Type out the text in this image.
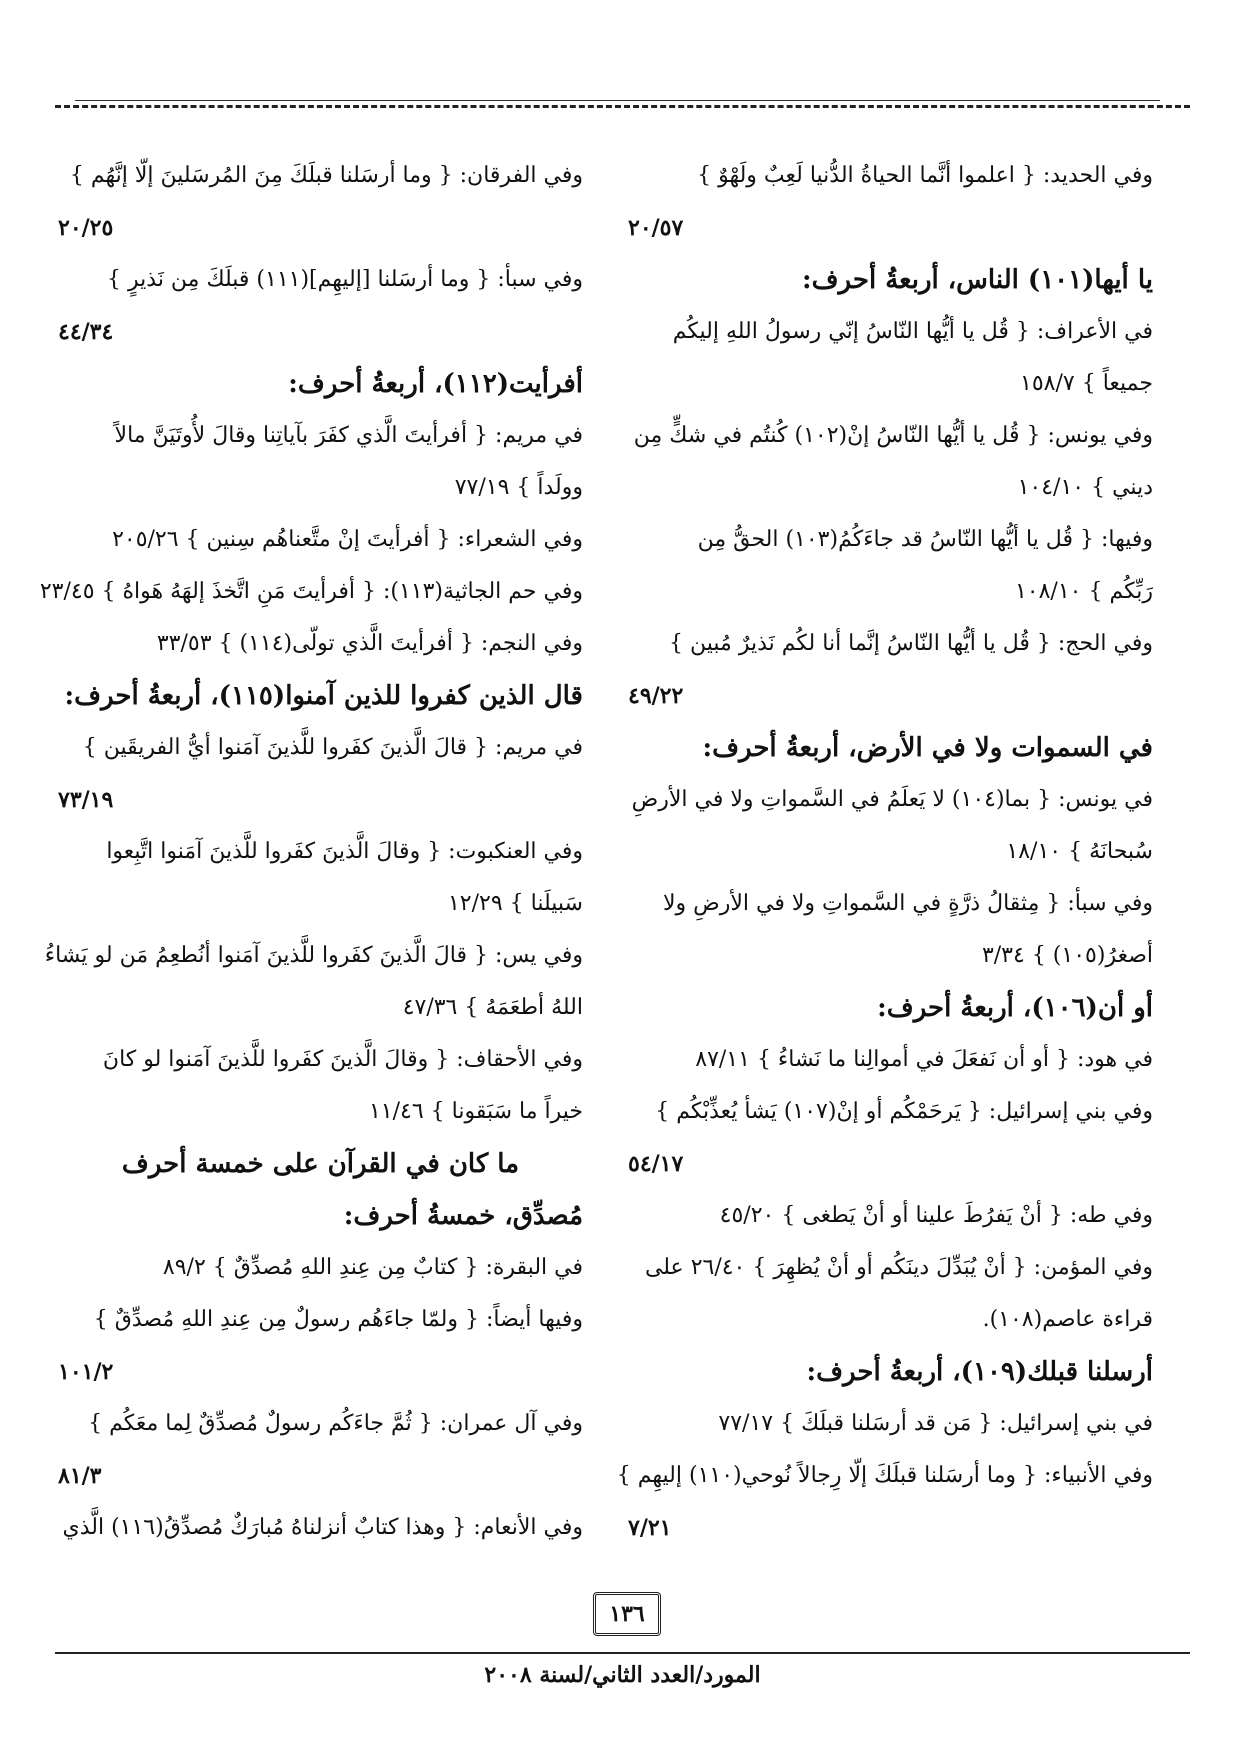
وفي الحديد: { اعلموا أنَّما الحياةُ الدُّنيا لَعِبٌ ولَهْوٌ }
٢٠/٥٧
يا أيها(١٠١) الناس، أربعةُ أحرف:
في الأعراف: { قُل يا أيُّها النّاسُ إنّي رسولُ اللهِ إليكُم
جميعاً } ١٥٨/٧
وفي يونس: { قُل يا أيُّها النّاسُ إنْ(١٠٢) كُنتُم في شكٍّ مِن
ديني } ١٠٤/١٠
وفيها: { قُل يا أيُّها النّاسُ قد جاءَكُمُ(١٠٣) الحقُّ مِن
رَبِّكُم } ١٠٨/١٠
وفي الحج: { قُل يا أيُّها النّاسُ إنَّما أنا لكُم نَذيرٌ مُبين }
٤٩/٢٢
في السموات ولا في الأرض، أربعةُ أحرف:
في يونس: { بما(١٠٤) لا يَعلَمُ في السَّمواتِ ولا في الأرضِ
سُبحانَهُ } ١٨/١٠
وفي سبأ: { مِثقالُ ذرَّةٍ في السَّمواتِ ولا في الأرضِ ولا
أصغرُ(١٠٥) } ٣/٣٤
أو أن(١٠٦)، أربعةُ أحرف:
في هود: { أو أن نَفعَلَ في أموالِنا ما نَشاءُ } ٨٧/١١
وفي بني إسرائيل: { يَرحَمْكُم أو إنْ(١٠٧) يَشأ يُعذِّبْكُم }
٥٤/١٧
وفي طه: { أنْ يَفرُطَ علينا أو أنْ يَطغى } ٤٥/٢٠
وفي المؤمن: { أنْ يُبَدِّلَ دينَكُم أو أنْ يُظهِرَ } ٢٦/٤٠ على
قراءة عاصم(١٠٨).
أرسلنا قبلك(١٠٩)، أربعةُ أحرف:
في بني إسرائيل: { مَن قد أرسَلنا قبلَكَ } ٧٧/١٧
وفي الأنبياء: { وما أرسَلنا قبلَكَ إلّا رِجالاً نُوحي(١١٠) إليهِم }
٧/٢١
وفي الفرقان: { وما أرسَلنا قبلَكَ مِنَ المُرسَلينَ إلّا إنَّهُم }
٢٠/٢٥
وفي سبأ: { وما أرسَلنا [إليهِم](١١١) قبلَكَ مِن نَذيرٍ }
٤٤/٣٤
أفرأيت(١١٢)، أربعةُ أحرف:
في مريم: { أفرأيتَ الَّذي كفَرَ بآياتِنا وقالَ لأُوتَيَنَّ مالاً
وولَداً } ٧٧/١٩
وفي الشعراء: { أفرأيتَ إنْ متَّعناهُم سِنين } ٢٠٥/٢٦
وفي حم الجاثية(١١٣): { أفرأيتَ مَنِ اتَّخذَ إلهَهُ هَواهُ } ٢٣/٤٥
وفي النجم: { أفرأيتَ الَّذي تولّى(١١٤) } ٣٣/٥٣
قال الذين كفروا للذين آمنوا(١١٥)، أربعةُ أحرف:
في مريم: { قالَ الَّذينَ كفَروا للَّذينَ آمَنوا أيُّ الفريقَين }
٧٣/١٩
وفي العنكبوت: { وقالَ الَّذينَ كفَروا للَّذينَ آمَنوا اتَّبِعوا
سَبيلَنا } ١٢/٢٩
وفي يس: { قالَ الَّذينَ كفَروا للَّذينَ آمَنوا أنُطعِمُ مَن لو يَشاءُ
اللهُ أطعَمَهُ } ٤٧/٣٦
وفي الأحقاف: { وقالَ الَّذينَ كفَروا للَّذينَ آمَنوا لو كانَ
خيراً ما سَبَقونا } ١١/٤٦
ما كان في القرآن على خمسة أحرف
مُصدِّق، خمسةُ أحرف:
في البقرة: { كتابٌ مِن عِندِ اللهِ مُصدِّقٌ } ٨٩/٢
وفيها أيضاً: { ولمّا جاءَهُم رسولٌ مِن عِندِ اللهِ مُصدِّقٌ }
١٠١/٢
وفي آل عمران: { ثُمَّ جاءَكُم رسولٌ مُصدِّقٌ لِما معَكُم }
٨١/٣
وفي الأنعام: { وهذا كتابٌ أنزلناهُ مُبارَكٌ مُصدِّقُ(١١٦) الَّذي
١٣٦
المورد/العدد الثاني/لسنة ٢٠٠٨
